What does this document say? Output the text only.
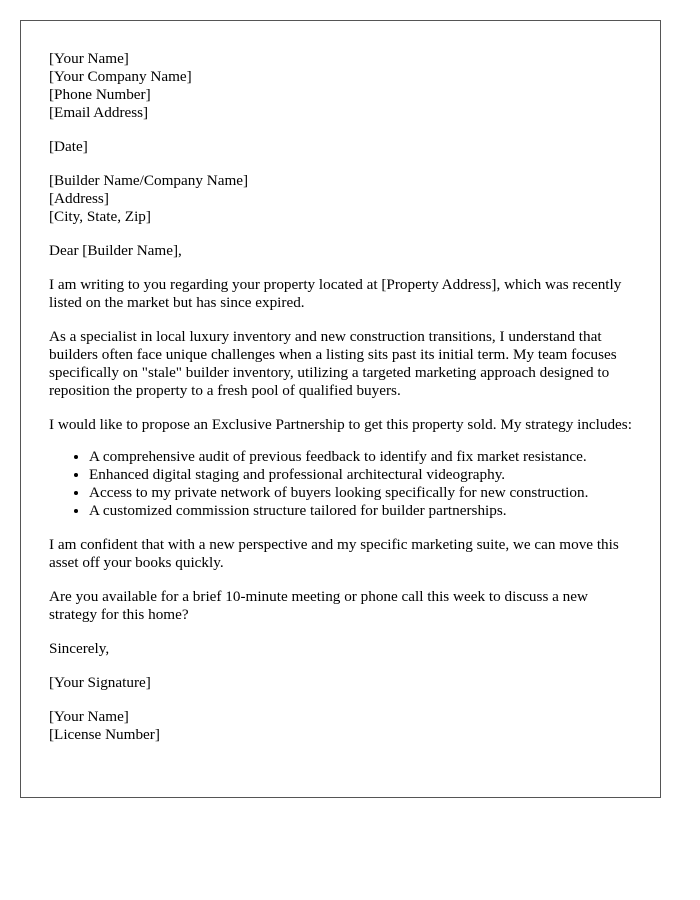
[Your Name]
[Your Company Name]
[Phone Number]
[Email Address]
[Date]
[Builder Name/Company Name]
[Address]
[City, State, Zip]

Dear [Builder Name],

I am writing to you regarding your property located at [Property Address], which was recently listed on the market but has since expired.

As a specialist in local luxury inventory and new construction transitions, I understand that builders often face unique challenges when a listing sits past its initial term. My team focuses specifically on "stale" builder inventory, utilizing a targeted marketing approach designed to reposition the property to a fresh pool of qualified buyers.

I would like to propose an Exclusive Partnership to get this property sold. My strategy includes:

• A comprehensive audit of previous feedback to identify and fix market resistance.
• Enhanced digital staging and professional architectural videography.
• Access to my private network of buyers looking specifically for new construction.
• A customized commission structure tailored for builder partnerships.

I am confident that with a new perspective and my specific marketing suite, we can move this asset off your books quickly.

Are you available for a brief 10-minute meeting or phone call this week to discuss a new strategy for this home?

Sincerely,

[Your Signature]

[Your Name]
[License Number]
